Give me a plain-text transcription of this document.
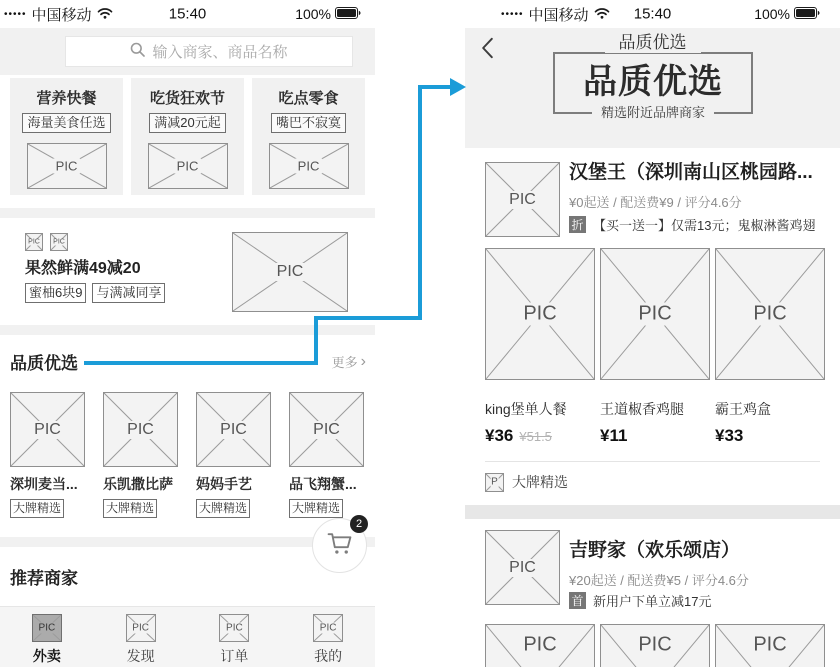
••••• 中国移动	15:40	100%
输入商家、商品名称
营养快餐
海量美食任选
PIC
吃货狂欢节
满减20元起
PIC
吃点零食
嘴巴不寂寞
PIC
PIC PIC
果然鲜满49减20
蜜柚6块9	与满减同享
PIC
品质优选	更多 ›
PIC
深圳麦当...
大牌精选
PIC
乐凯撒比萨
大牌精选
PIC
妈妈手艺
大牌精选
PIC
品飞翔蟹...
大牌精选
2
推荐商家
PIC
外卖
PIC
发现
PIC
订单
PIC
我的
••••• 中国移动	15:40	100%
品质优选
品质优选
精选附近品牌商家
PIC
汉堡王（深圳南山区桃园路...
¥0起送 / 配送费¥9 / 评分4.6分
折 【买一送一】仅需13元；鬼椒淋酱鸡翅
PIC	PIC	PIC
king堡单人餐 王道椒香鸡腿 霸王鸡盒
¥36 ¥51.5	¥11	¥33
P 大牌精选
PIC
吉野家（欢乐颂店）
¥20起送 / 配送费¥5 / 评分4.6分
首 新用户下单立减17元
PIC	PIC	PIC
